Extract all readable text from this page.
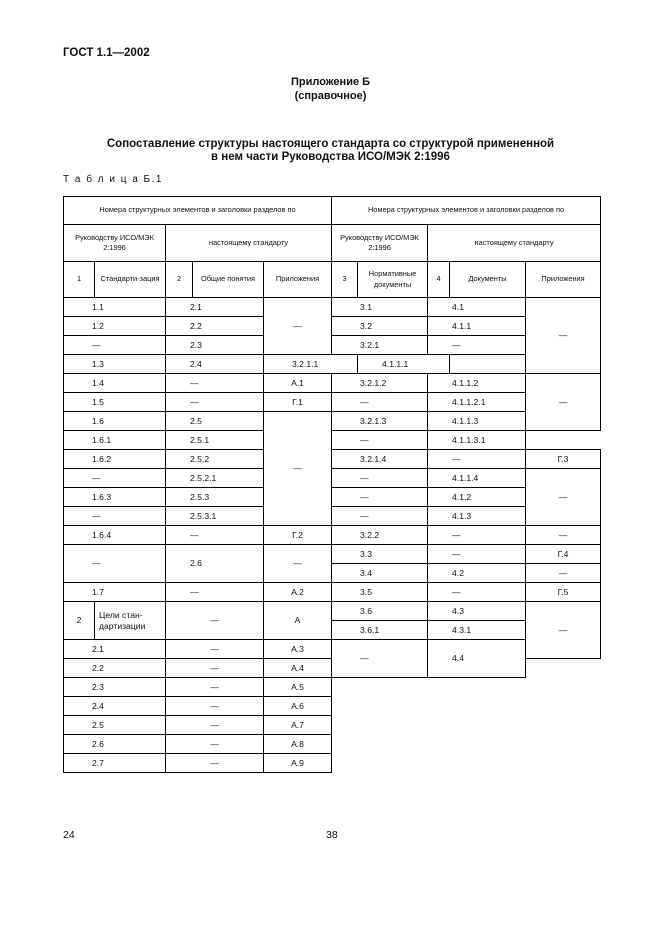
ГОСТ 1.1—2002
Приложение Б
(справочное)
Сопоставление структуры настоящего стандарта со структурой примененной
в нем части Руководства ИСО/МЭК 2:1996
Т а б л и ц а Б.1
Номера структурных элементов и заголовки разделов по					Номера структурных элементов и заголовки разделов по				
Руководству ИСО/МЭК 2:1996		настоящему стандарту			Руководству ИСО/МЭК 2:1996		настоящему стандарту		
1	Стандарти-зация	2	Общие понятия	Приложения	3	Нормативные документы	4	Документы	Приложения
1.1		2.1		—	3.1		4.1		—
1.2		2.2			3.2		4.1.1		
—		2.3			3.2.1		—		
1.3		2.4		3.2.1.1		4.1.1.1			
1.4		—		А.1	3.2.1.2		4.1.1.2		—
1.5		—		Г.1	—		4.1.1.2.1		
1.6		2.5		—	3.2.1.3		4.1.1.3		
1.6.1		2.5.1			—		4.1.1.3.1		
1.6.2		2.5.2			3.2.1.4		—		Г.3
—		2.5.2.1			—		4.1.1.4		—
1.6.3		2.5.3			—		4.1.2		
—		2.5.3.1			—		4.1.3		
1.6.4		—		Г.2	3.2.2		—		—
—		2.6		—	3.3		—		Г.4
					3.4		4.2		—
1.7		—		А.2	3.5		—		Г.5
2	Цели стан-дартизации	—		А	3.6		4.3		—
					3.6.1		4.3.1		
2.1		—		А.3	—		4.4		
2.2		—		А.4					
2.3		—		А.5					
2.4		—		А.6					
2.5		—		А.7					
2.6		—		А.8					
2.7		—		А.9					
24	38
